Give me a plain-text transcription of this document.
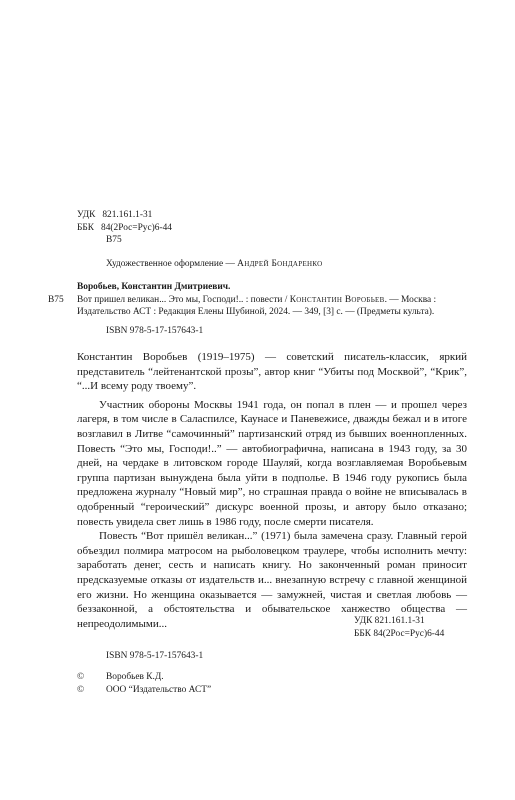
УДК   821.161.1-31
ББК   84(2Рос=Рус)6-44
В75
Художественное оформление — Андрей Бондаренко
В75
Воробьев, Константин Дмитриевич.
Вот пришел великан... Это мы, Господи!.. : повести / Константин Воробьев. — Москва :
Издательство АСТ : Редакция Елены Шубиной, 2024. — 349, [3] с. — (Предметы культа).
ISBN 978-5-17-157643-1

Константин Воробьев (1919–1975) — советский писатель-классик, яркий представитель “лейтенантской прозы”, автор книг “Убиты под Москвой”, “Крик”, “...И всему роду твоему”.

Участник обороны Москвы 1941 года, он попал в плен — и прошел через лагеря, в том числе в Саласпилсе, Каунасе и Паневежисе, дважды бежал и в итоге возглавил в Литве “самочинный” партизанский отряд из бывших военнопленных. Повесть “Это мы, Господи!..” — автобиографична, написана в 1943 году, за 30 дней, на чердаке в литовском городе Шауляй, когда возглавляемая Воробьевым группа партизан вынуждена была уйти в подполье. В 1946 году рукопись была предложена журналу “Новый мир”, но страшная правда о войне не вписывалась в одобренный “героический” дискурс военной прозы, и автору было отказано; повесть увидела свет лишь в 1986 году, после смерти писателя.

Повесть “Вот пришёл великан...” (1971) была замечена сразу. Главный герой объездил полмира матросом на рыболовецком траулере, чтобы исполнить мечту: заработать денег, сесть и написать книгу. Но законченный роман приносит предсказуемые отказы от издательств и... внезапную встречу с главной женщиной его жизни. Но женщина оказывается — замужней, чистая и светлая любовь — беззаконной, а обстоятельства и обывательское ханжество общества — непреодолимыми...	УДК 821.161.1-31
ББК 84(2Рос=Рус)6-44
ISBN 978-5-17-157643-1
©	Воробьев К.Д.
©	ООО “Издательство АСТ”
